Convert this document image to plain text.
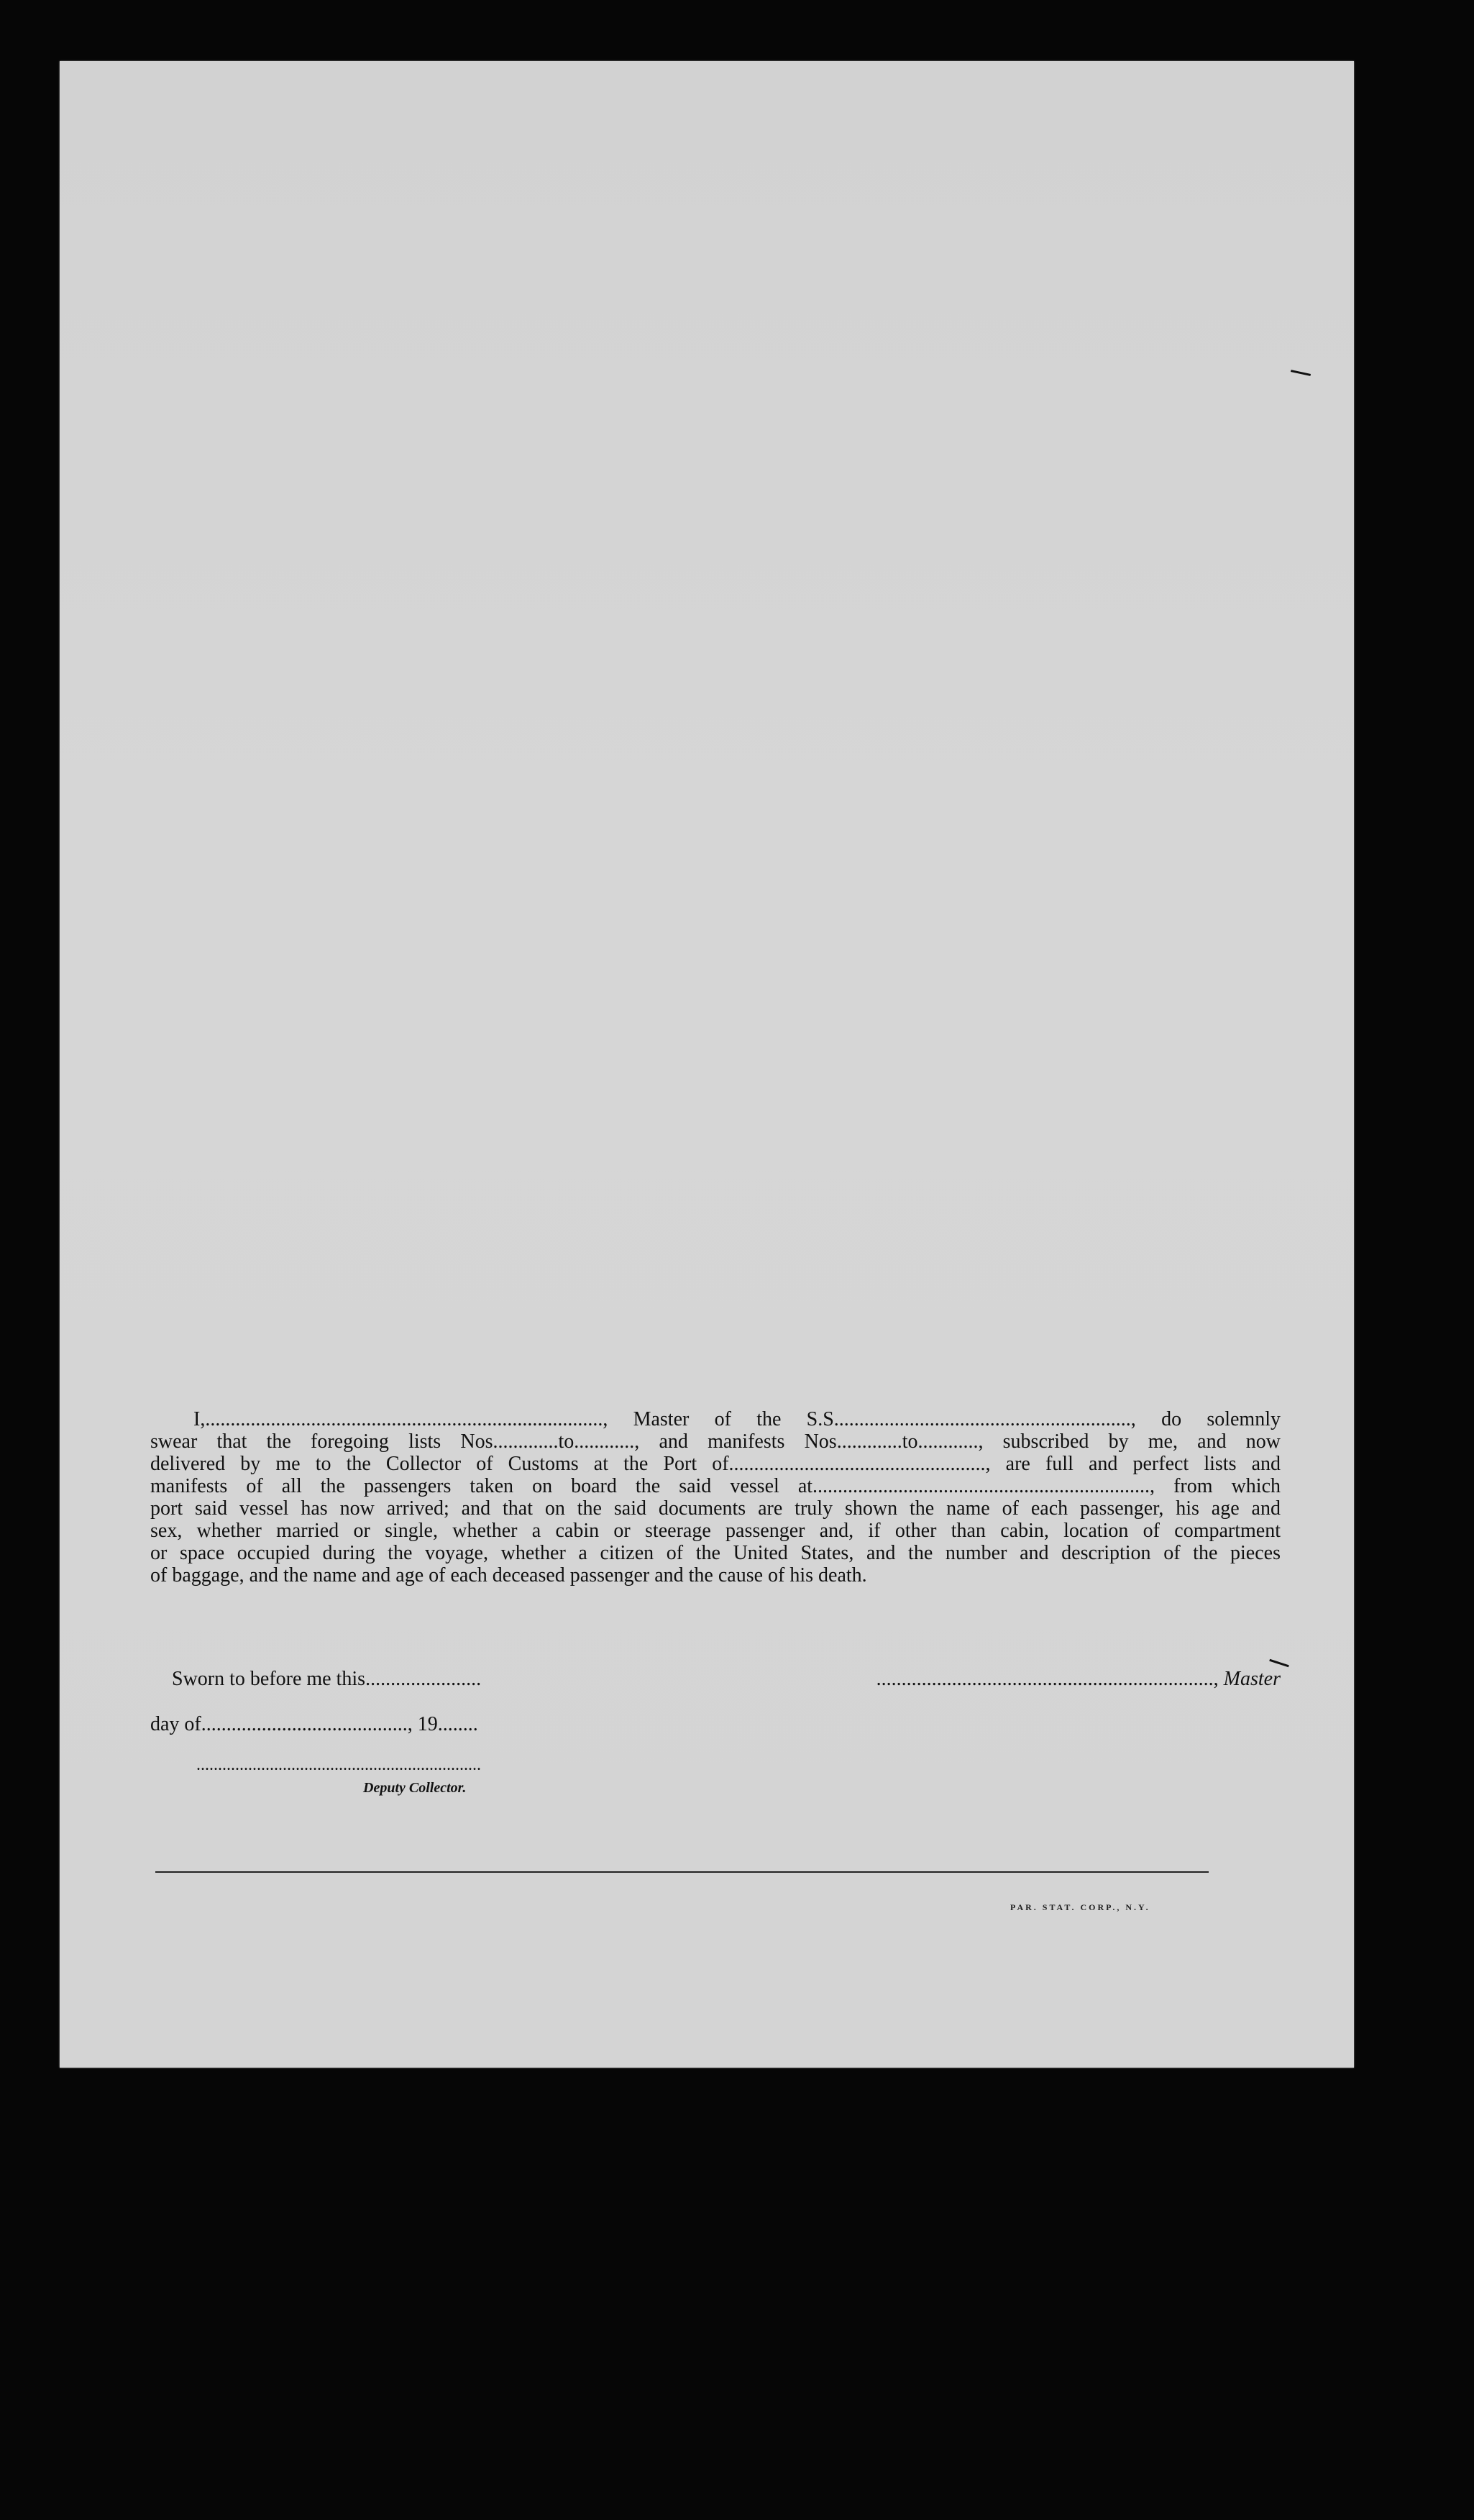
I,..............................................................................., Master of the S.S..........................................................., do solemnly
swear that the foregoing lists Nos.............to............, and manifests Nos.............to............, subscribed by me, and now
delivered by me to the Collector of Customs at the Port of..................................................., are full and perfect lists and
manifests of all the passengers taken on board the said vessel at..................................................................., from which
port said vessel has now arrived; and that on the said documents are truly shown the name of each passenger, his age and
sex, whether married or single, whether a cabin or steerage passenger and, if other than cabin, location of compartment
or space occupied during the voyage, whether a citizen of the United States, and the number and description of the pieces
of baggage, and the name and age of each deceased passenger and the cause of his death.

Sworn to before me this.......................	..................................................................., Master
day of........................................., 19........
..................................................................
Deputy Collector.
PAR. STAT. CORP., N.Y.
